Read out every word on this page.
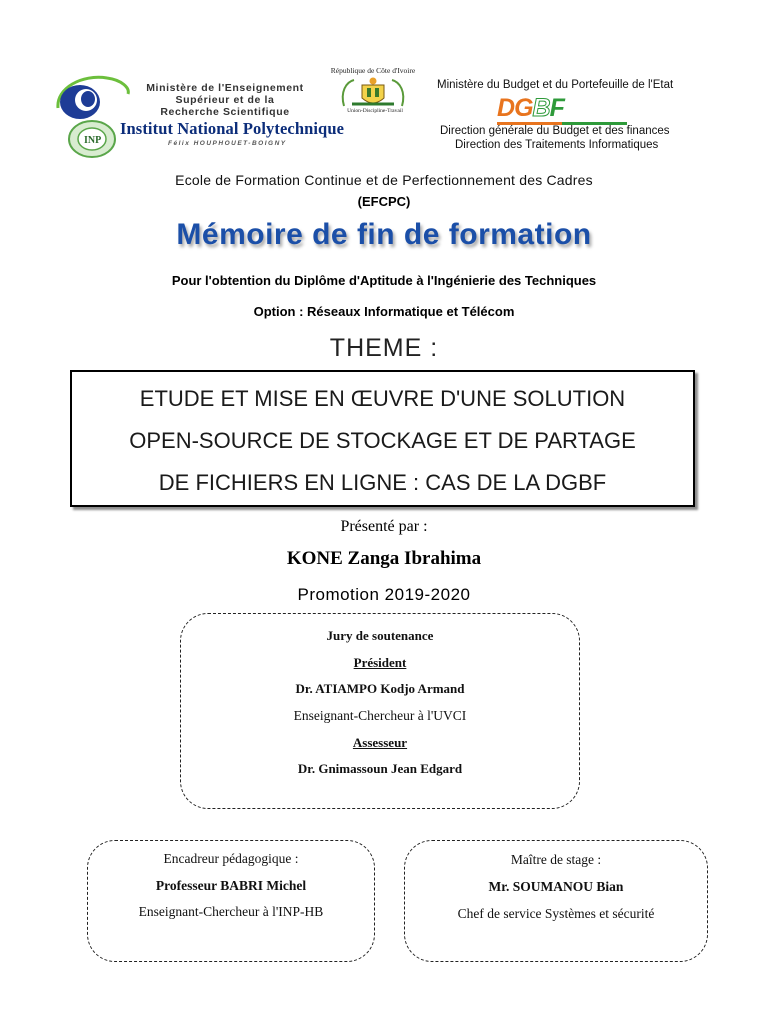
Ministère de l'Enseignement
Supérieur et de la
Recherche Scientifique
INP
Institut National Polytechnique
Félix HOUPHOUET-BOIGNY
République de Côte d'Ivoire
Union-Discipline-Travail
Ministère du Budget et du Portefeuille de l'Etat
DGBF
Direction générale du Budget et des finances
Direction des Traitements Informatiques
Ecole de Formation Continue et de Perfectionnement des Cadres
(EFCPC)
Mémoire de fin de formation
Pour l'obtention du Diplôme d'Aptitude à l'Ingénierie des Techniques
Option : Réseaux Informatique et Télécom
THEME :
ETUDE ET MISE EN ŒUVRE D'UNE SOLUTION
OPEN-SOURCE DE STOCKAGE ET DE PARTAGE
DE FICHIERS EN LIGNE : CAS DE LA DGBF
Présenté par :
KONE Zanga Ibrahima
Promotion 2019-2020
Jury de soutenance
Président
Dr. ATIAMPO Kodjo Armand
Enseignant-Chercheur à l'UVCI
Assesseur
Dr. Gnimassoun Jean Edgard
Encadreur pédagogique :
Professeur BABRI Michel
Enseignant-Chercheur à l'INP-HB
Maître de stage :
Mr. SOUMANOU Bian
Chef de service Systèmes et sécurité
